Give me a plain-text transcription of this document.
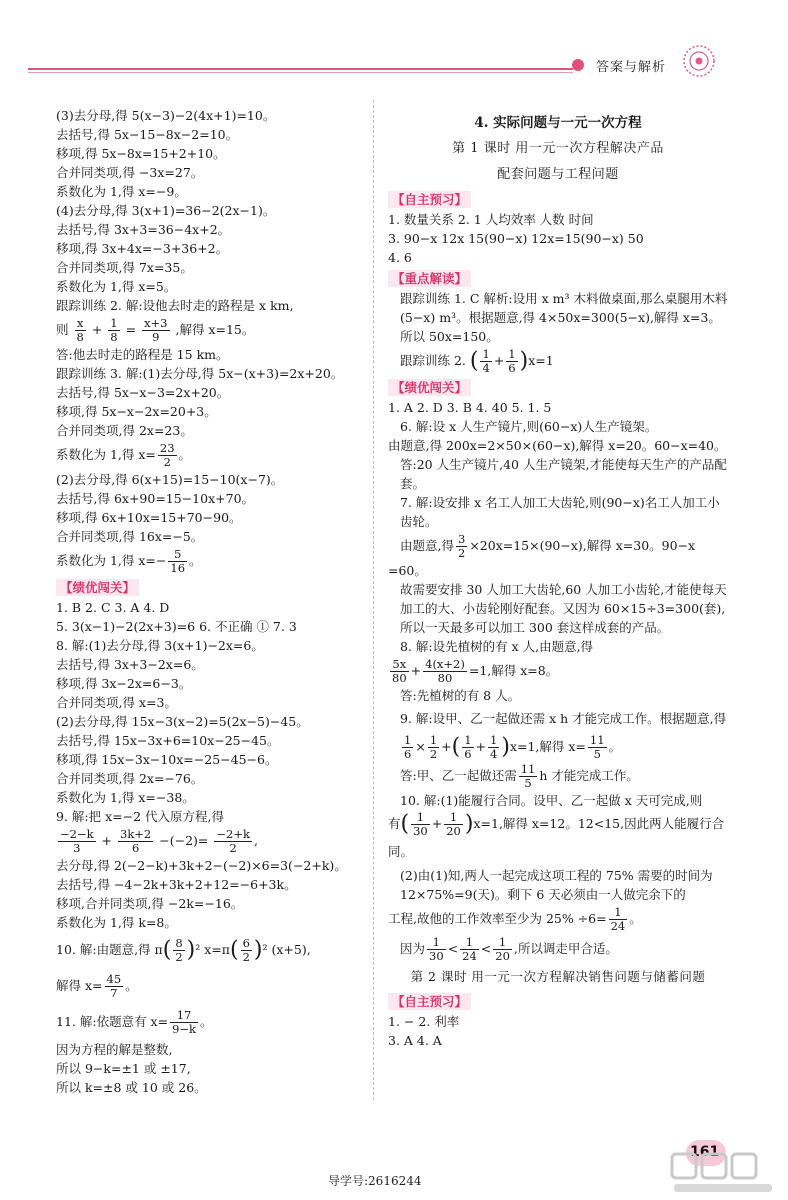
答案与解析
(3)去分母,得 5(x−3)−2(4x+1)=10。
去括号,得 5x−15−8x−2=10。
移项,得 5x−8x=15+2+10。
合并同类项,得 −3x=27。
系数化为 1,得 x=−9。
(4)去分母,得 3(x+1)=36−2(2x−1)。
去括号,得 3x+3=36−4x+2。
移项,得 3x+4x=−3+36+2。
合并同类项,得 7x=35。
系数化为 1,得 x=5。
跟踪训练 2. 解:设他去时走的路程是 x km,
则 $\frac{x}{8} + \frac{1}{8} = \frac{x+3}{9}$ ,解得 x=15。
答:他去时走的路程是 15 km。
跟踪训练 3. 解:(1)去分母,得 5x−(x+3)=2x+20。
去括号,得 5x−x−3=2x+20。
移项,得 5x−x−2x=20+3。
合并同类项,得 2x=23。
系数化为 1,得 $x= \frac{23}{2}$ 。
(2)去分母,得 6(x+15)=15−10(x−7)。
去括号,得 6x+90=15−10x+70。
移项,得 6x+10x=15+70−90。
合并同类项,得 16x=−5。
系数化为 1,得 $x=- \frac{5}{16}$ 。
【绩优闯关】
1. B 2. C 3. A 4. D
5. 3(x−1)−2(2x+3)=6 6. 不正确 ① 7. 3
8. 解:(1)去分母,得 3(x+1)−2x=6。
去括号,得 3x+3−2x=6。
移项,得 3x−2x=6−3。
合并同类项,得 x=3。
(2)去分母,得 15x−3(x−2)=5(2x−5)−45。
去括号,得 15x−3x+6=10x−25−45。
移项,得 15x−3x−10x=−25−45−6。
合并同类项,得 2x=−76。
系数化为 1,得 x=−38。
9. 解:把 x=−2 代入原方程,得
$\frac{-2-k}{3} + \frac{3k+2}{6} -(-2)= \frac{-2+k}{2}$ ,
去分母,得 2(−2−k)+3k+2−(−2)×6=3(−2+k)。
去括号,得 −4−2k+3k+2+12=−6+3k。
移项,合并同类项,得 −2k=−16。
系数化为 1,得 k=8。
10. 解:由题意,得 $\pi( \frac{8}{2} )^2$ $x=\pi( \frac{6}{2} )^2$ (x+5),
解得 $x= \frac{45}{7}$ 。
11. 解:依题意有 $x= \frac{17}{9-k}$ 。
因为方程的解是整数,
所以 9−k=±1 或 ±17,
所以 k=±8 或 10 或 26。
4. 实际问题与一元一次方程
第 1 课时 用一元一次方程解决产品
配套问题与工程问题
【自主预习】
1. 数量关系 2. 1 人均效率 人数 时间
3. 90−x 12x 15(90−x) 12x=15(90−x) 50
4. 6
【重点解读】
跟踪训练 1. C 解析:设用 x m³ 木料做桌面,那么桌腿用木料(5−x) m³。根据题意,得 4×50x=300(5−x),解得 x=3。所以 50x=150。
跟踪训练 2. ( $\frac{1}{4} + \frac{1}{6} )x=1$
【绩优闯关】
1. A 2. D 3. B 4. 40 5. 1. 5
6. 解:设 x 人生产镜片,则(60−x)人生产镜架。
由题意,得 200x=2×50×(60−x),解得 x=20。60−x=40。
答:20 人生产镜片,40 人生产镜架,才能使每天生产的产品配套。
7. 解:设安排 x 名工人加工大齿轮,则(90−x)名工人加工小齿轮。
由题意,得 $\frac{3}{2} \times 20x=15\times(90-x)$,解得 x=30。90−x
=60。
故需要安排 30 人加工大齿轮,60 人加工小齿轮,才能使每天加工的大、小齿轮刚好配套。又因为 60×15÷3=300(套),所以一天最多可以加工 300 套这样成套的产品。
8. 解:设先植树的有 x 人,由题意,得
$\frac{5x}{80} + \frac{4(x+2)}{80} =1$,解得 x=8。
答:先植树的有 8 人。
9. 解:设甲、乙一起做还需 x h 才能完成工作。根据题意,得
$\frac{1}{6} \times \frac{1}{2}$ +( $\frac{1}{6} + \frac{1}{4} )x=1$,解得 $x= \frac{11}{5}$ 。
答:甲、乙一起做还需 $\frac{11}{5}$ h 才能完成工作。
10. 解:(1)能履行合同。设甲、乙一起做 x 天可完成,则
有( $\frac{1}{30} + \frac{1}{20} )x=1$,解得 x=12。12<15,因此两人能履行合同。
(2)由(1)知,两人一起完成这项工程的 75% 需要的时间为 12×75%=9(天)。剩下 6 天必须由一人做完余下的
工程,故他的工作效率至少为 $25\% \div 6= \frac{1}{24}$ 。
因为 $\frac{1}{30} < \frac{1}{24} < \frac{1}{20}$ ,所以调走甲合适。
第 2 课时 用一元一次方程解决销售问题与储蓄问题
【自主预习】
1. − 2. 利率
3. A 4. A
161
导学号:2616244
